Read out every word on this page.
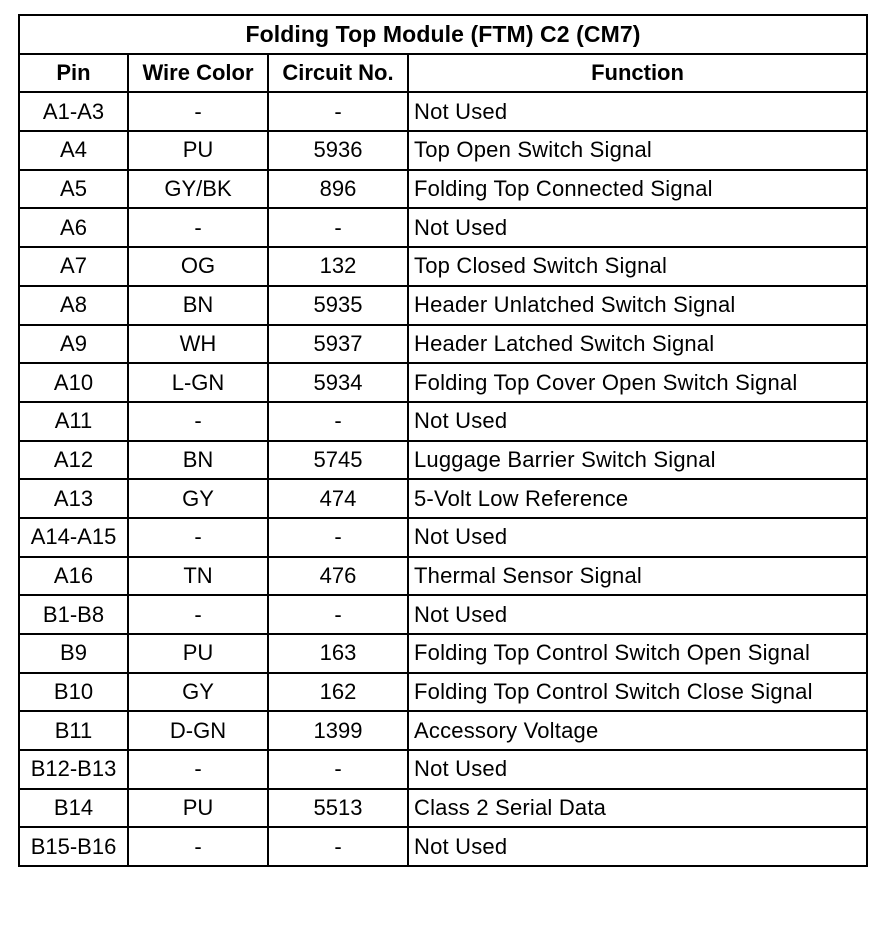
Folding Top Module (FTM) C2 (CM7)			
Pin	Wire Color	Circuit No.	Function
A1-A3	-	-	Not Used
A4	PU	5936	Top Open Switch Signal
A5	GY/BK	896	Folding Top Connected Signal
A6	-	-	Not Used
A7	OG	132	Top Closed Switch Signal
A8	BN	5935	Header Unlatched Switch Signal
A9	WH	5937	Header Latched Switch Signal
A10	L-GN	5934	Folding Top Cover Open Switch Signal
A11	-	-	Not Used
A12	BN	5745	Luggage Barrier Switch Signal
A13	GY	474	5-Volt Low Reference
A14-A15	-	-	Not Used
A16	TN	476	Thermal Sensor Signal
B1-B8	-	-	Not Used
B9	PU	163	Folding Top Control Switch Open Signal
B10	GY	162	Folding Top Control Switch Close Signal
B11	D-GN	1399	Accessory Voltage
B12-B13	-	-	Not Used
B14	PU	5513	Class 2 Serial Data
B15-B16	-	-	Not Used
